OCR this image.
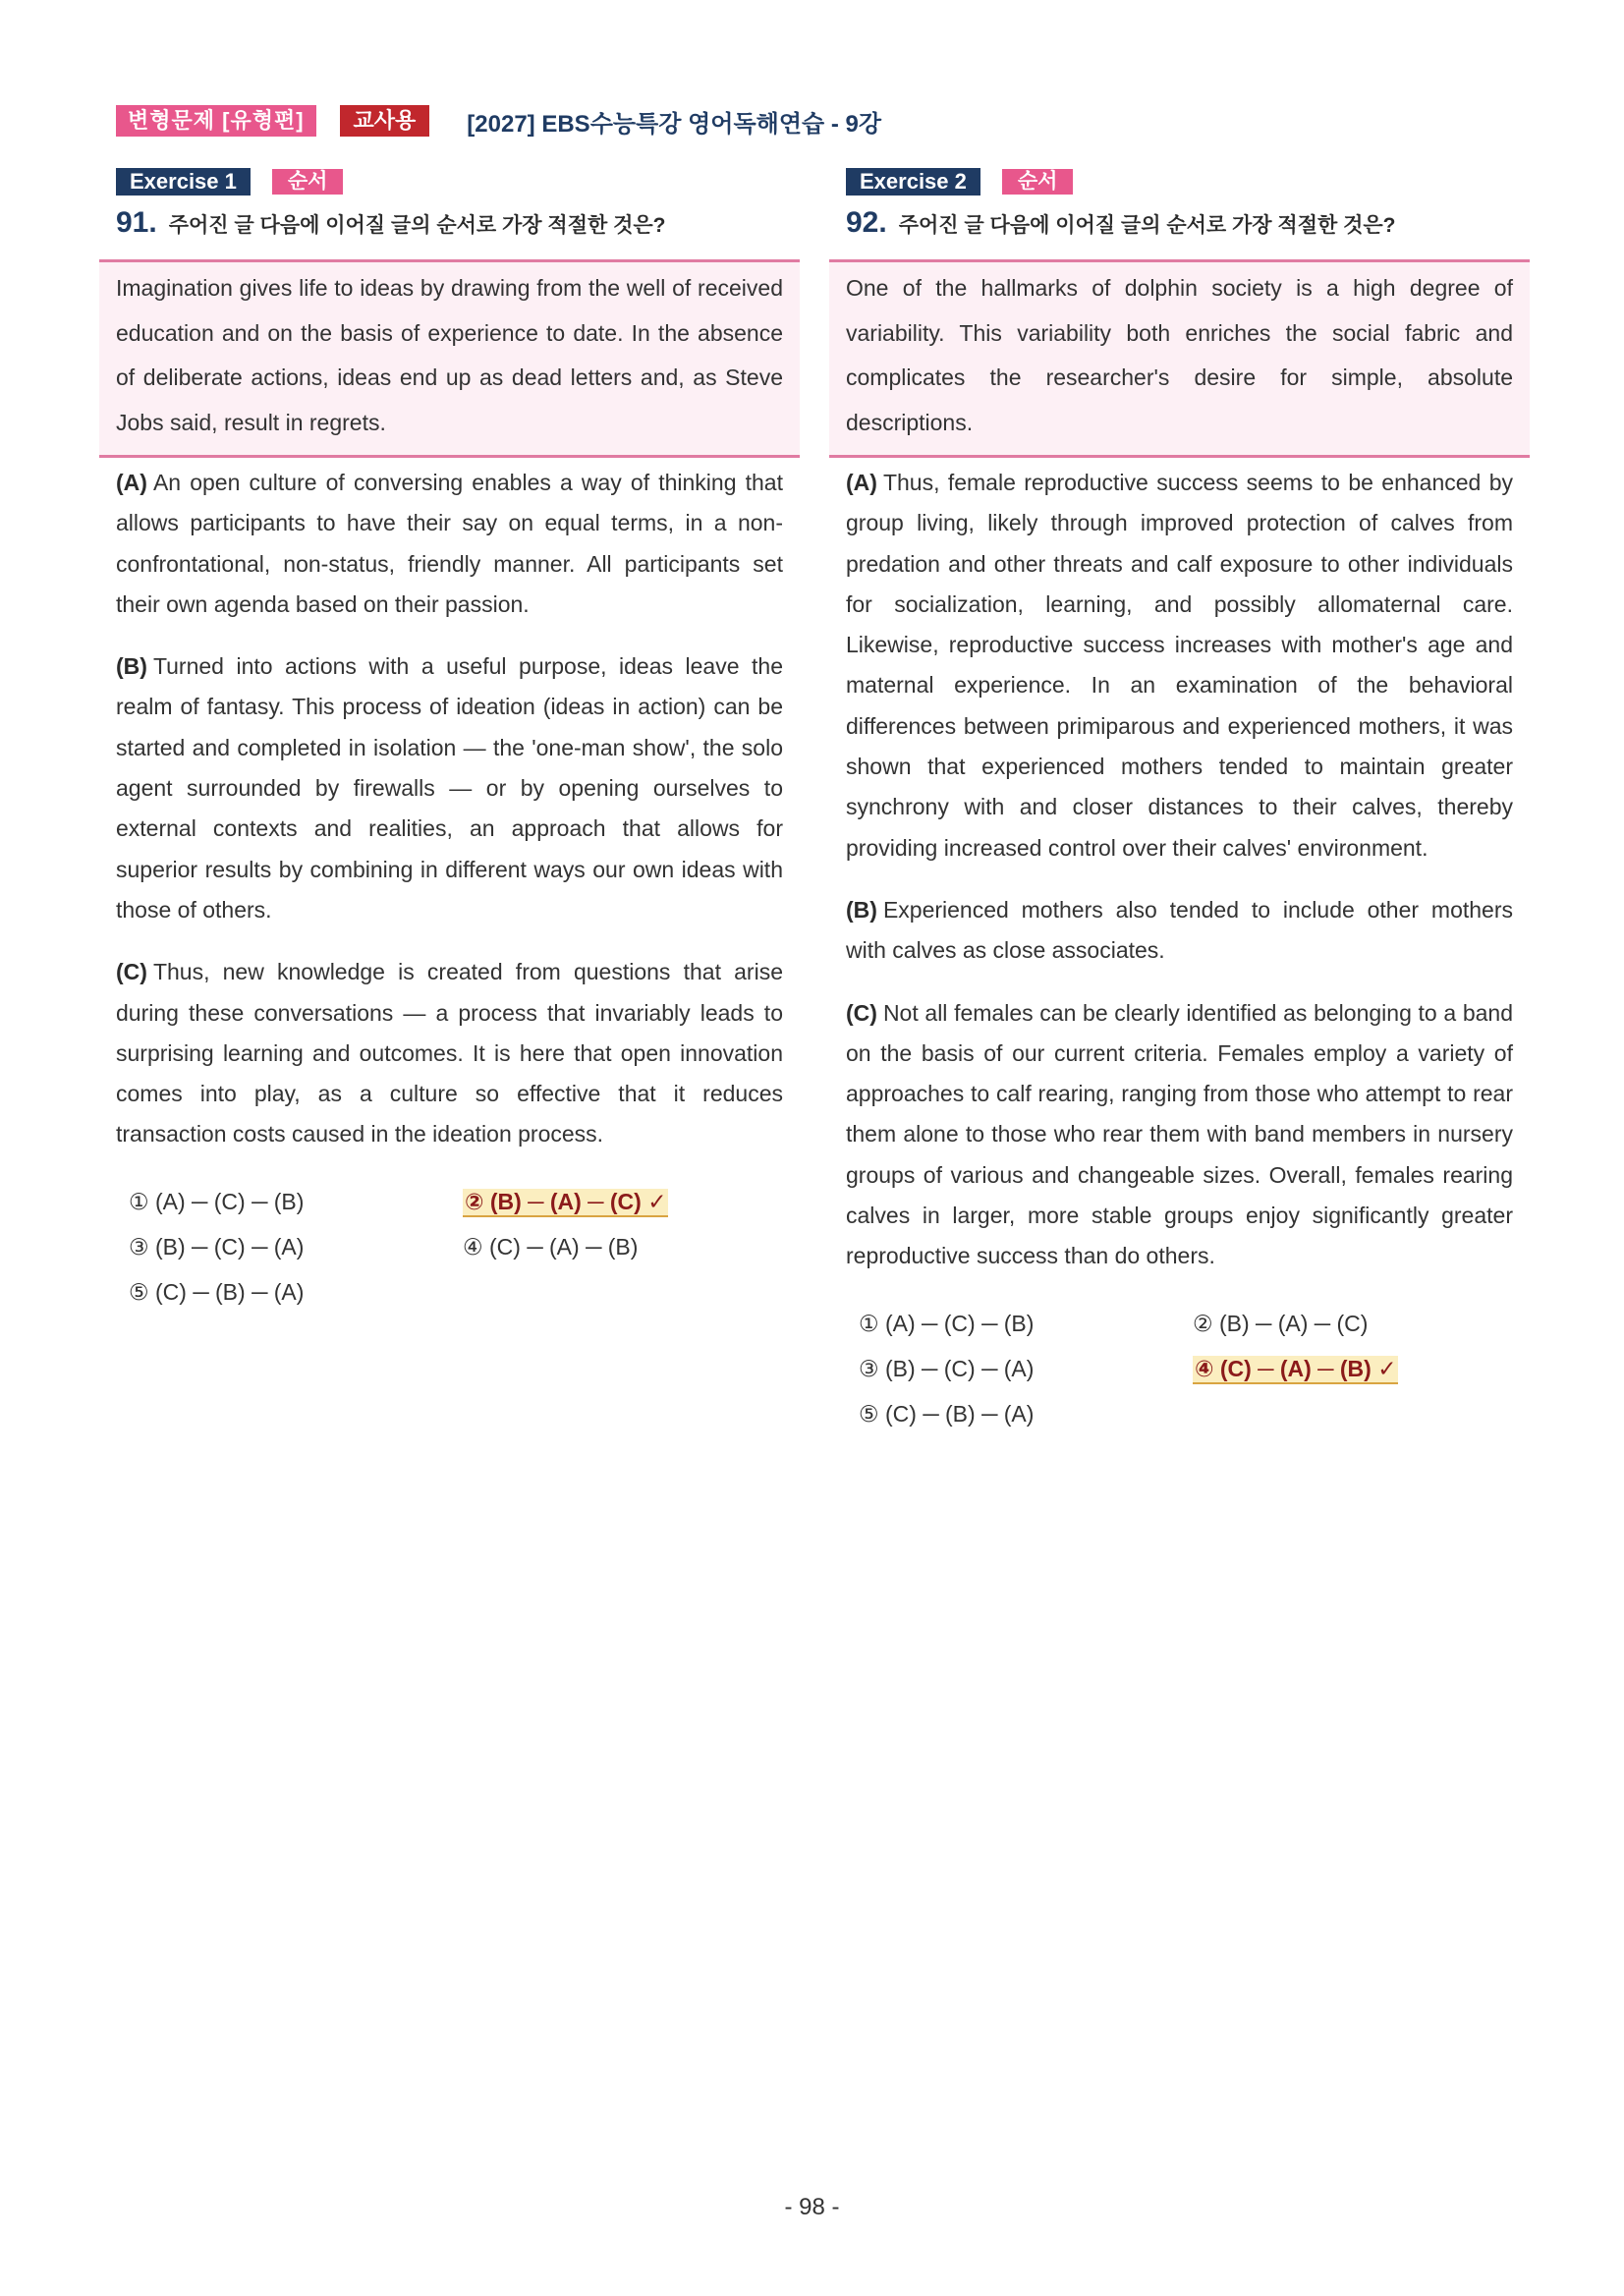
변형문제 [유형편]	교사용	[2027] EBS수능특강 영어독해연습 - 9강
Exercise 1	순서
91. 주어진 글 다음에 이어질 글의 순서로 가장 적절한 것은?
Imagination gives life to ideas by drawing from the well of received education and on the basis of experience to date. In the absence of deliberate actions, ideas end up as dead letters and, as Steve Jobs said, result in regrets.

(A) An open culture of conversing enables a way of thinking that allows participants to have their say on equal terms, in a non-confrontational, non-status, friendly manner. All participants set their own agenda based on their passion.

(B) Turned into actions with a useful purpose, ideas leave the realm of fantasy. This process of ideation (ideas in action) can be started and completed in isolation — the 'one-man show', the solo agent surrounded by firewalls — or by opening ourselves to external contexts and realities, an approach that allows for superior results by combining in different ways our own ideas with those of others.

(C) Thus, new knowledge is created from questions that arise during these conversations — a process that invariably leads to surprising learning and outcomes. It is here that open innovation comes into play, as a culture so effective that it reduces transaction costs caused in the ideation process.

① (A) ─ (C) ─ (B)	② (B) ─ (A) ─ (C) ✓
③ (B) ─ (C) ─ (A)	④ (C) ─ (A) ─ (B)
⑤ (C) ─ (B) ─ (A)
Exercise 2	순서
92. 주어진 글 다음에 이어질 글의 순서로 가장 적절한 것은?
One of the hallmarks of dolphin society is a high degree of variability. This variability both enriches the social fabric and complicates the researcher's desire for simple, absolute descriptions.

(A) Thus, female reproductive success seems to be enhanced by group living, likely through improved protection of calves from predation and other threats and calf exposure to other individuals for socialization, learning, and possibly allomaternal care. Likewise, reproductive success increases with mother's age and maternal experience. In an examination of the behavioral differences between primiparous and experienced mothers, it was shown that experienced mothers tended to maintain greater synchrony with and closer distances to their calves, thereby providing increased control over their calves' environment.

(B) Experienced mothers also tended to include other mothers with calves as close associates.

(C) Not all females can be clearly identified as belonging to a band on the basis of our current criteria. Females employ a variety of approaches to calf rearing, ranging from those who attempt to rear them alone to those who rear them with band members in nursery groups of various and changeable sizes. Overall, females rearing calves in larger, more stable groups enjoy significantly greater reproductive success than do others.

① (A) ─ (C) ─ (B)	② (B) ─ (A) ─ (C)
③ (B) ─ (C) ─ (A)	④ (C) ─ (A) ─ (B) ✓
⑤ (C) ─ (B) ─ (A)
- 98 -
